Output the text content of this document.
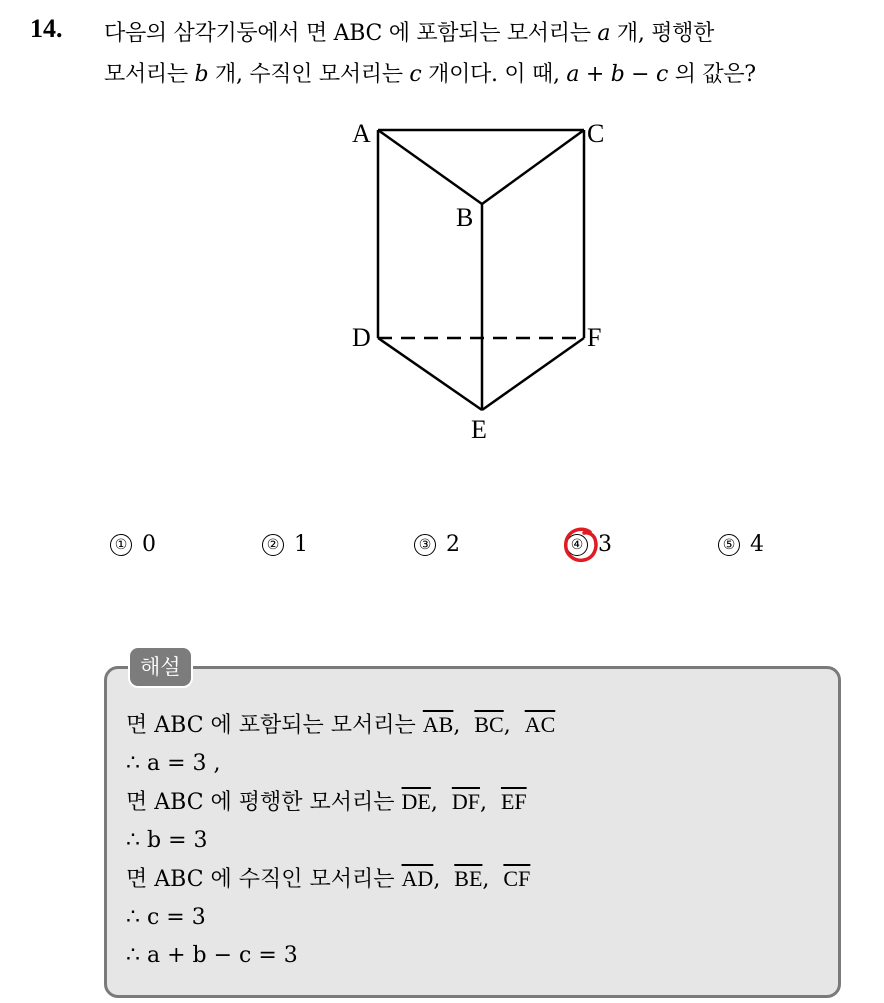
14. 다음의 삼각기둥에서 면 ABC 에 포함되는 모서리는 a 개, 평행한
모서리는 b 개, 수직인 모서리는 c 개이다. 이 때, a + b − c 의 값은?
A	C
B
D	F
E
① 0	② 1	③ 2	④ 3	⑤ 4
해설
면 ABC 에 포함되는 모서리는 $\overline{AB}$,  $\overline{BC}$,  $\overline{AC}$
∴ a = 3 ,
면 ABC 에 평행한 모서리는 $\overline{DE}$,  $\overline{DF}$,  $\overline{EF}$
∴ b = 3
면 ABC 에 수직인 모서리는 $\overline{AD}$,  $\overline{BE}$,  $\overline{CF}$
∴ c = 3
∴ a + b − c = 3
